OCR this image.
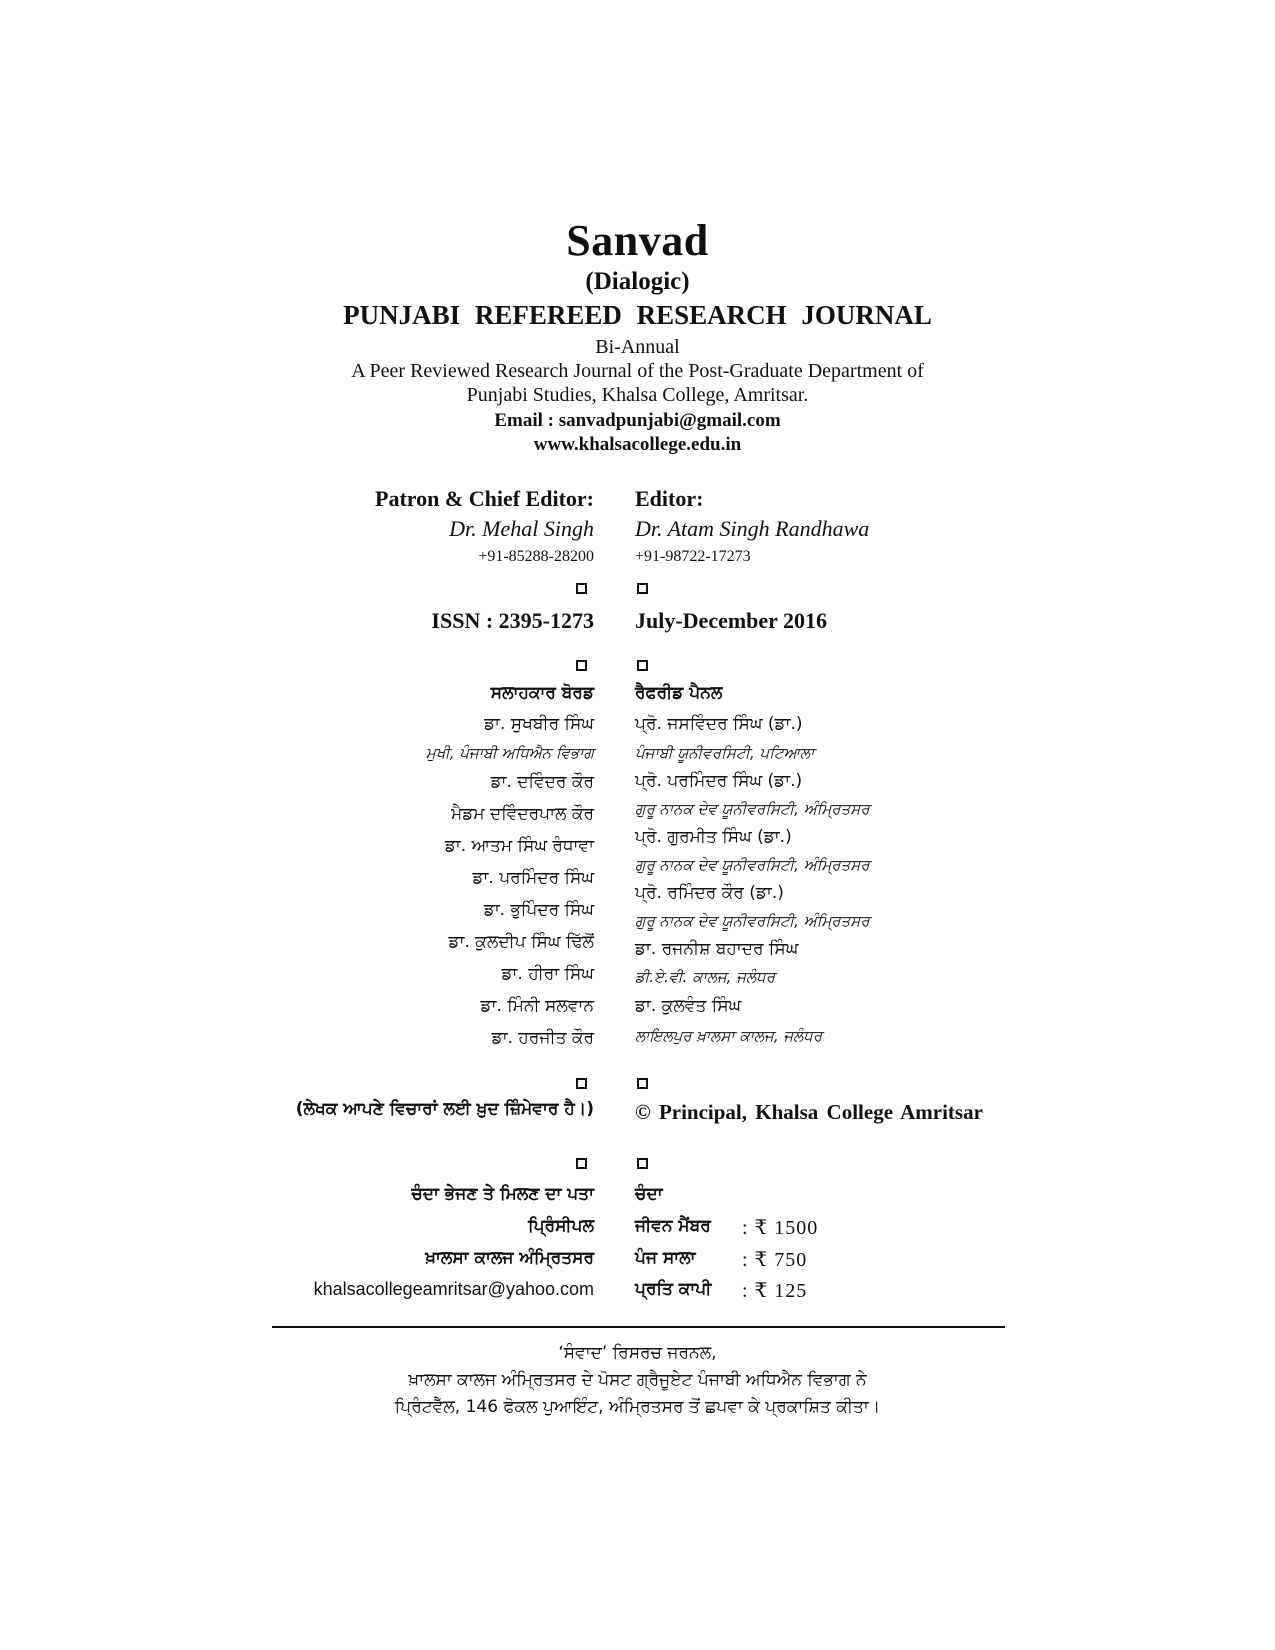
Sanvad
(Dialogic)
PUNJABI REFEREED RESEARCH JOURNAL
Bi-Annual
A Peer Reviewed Research Journal of the Post-Graduate Department of
Punjabi Studies, Khalsa College, Amritsar.
Email : sanvadpunjabi@gmail.com
www.khalsacollege.edu.in
Patron & Chief Editor:
Dr. Mehal Singh
+91-85288-28200
Editor:
Dr. Atam Singh Randhawa
+91-98722-17273
ISSN : 2395-1273 July-December 2016
ਸਲਾਹਕਾਰ ਬੋਰਡ
ਡਾ. ਸੁਖਬੀਰ ਸਿੰਘ
ਮੁਖੀ, ਪੰਜਾਬੀ ਅਧਿਐਨ ਵਿਭਾਗ
ਡਾ. ਦਵਿੰਦਰ ਕੌਰ
ਮੈਡਮ ਦਵਿੰਦਰਪਾਲ ਕੌਰ
ਡਾ. ਆਤਮ ਸਿੰਘ ਰੰਧਾਵਾ
ਡਾ. ਪਰਮਿੰਦਰ ਸਿੰਘ
ਡਾ. ਭੁਪਿੰਦਰ ਸਿੰਘ
ਡਾ. ਕੁਲਦੀਪ ਸਿੰਘ ਢਿੱਲੋਂ
ਡਾ. ਹੀਰਾ ਸਿੰਘ
ਡਾ. ਮਿੰਨੀ ਸਲਵਾਨ
ਡਾ. ਹਰਜੀਤ ਕੌਰ
ਰੈਫਰੀਡ ਪੈਨਲ
ਪ੍ਰੋ. ਜਸਵਿੰਦਰ ਸਿੰਘ (ਡਾ.)
ਪੰਜਾਬੀ ਯੂਨੀਵਰਸਿਟੀ, ਪਟਿਆਲਾ
ਪ੍ਰੋ. ਪਰਮਿੰਦਰ ਸਿੰਘ (ਡਾ.)
ਗੁਰੂ ਨਾਨਕ ਦੇਵ ਯੂਨੀਵਰਸਿਟੀ, ਅੰਮ੍ਰਿਤਸਰ
ਪ੍ਰੋ. ਗੁਰਮੀਤ ਸਿੰਘ (ਡਾ.)
ਗੁਰੂ ਨਾਨਕ ਦੇਵ ਯੂਨੀਵਰਸਿਟੀ, ਅੰਮ੍ਰਿਤਸਰ
ਪ੍ਰੋ. ਰਮਿੰਦਰ ਕੌਰ (ਡਾ.)
ਗੁਰੂ ਨਾਨਕ ਦੇਵ ਯੂਨੀਵਰਸਿਟੀ, ਅੰਮ੍ਰਿਤਸਰ
ਡਾ. ਰਜਨੀਸ਼ ਬਹਾਦਰ ਸਿੰਘ
ਡੀ.ਏ.ਵੀ. ਕਾਲਜ, ਜਲੰਧਰ
ਡਾ. ਕੁਲਵੰਤ ਸਿੰਘ
ਲਾਇਲਪੁਰ ਖ਼ਾਲਸਾ ਕਾਲਜ, ਜਲੰਧਰ
(ਲੇਖਕ ਆਪਣੇ ਵਿਚਾਰਾਂ ਲਈ ਖ਼ੁਦ ਜ਼ਿੰਮੇਵਾਰ ਹੈ।) © Principal, Khalsa College Amritsar
ਚੰਦਾ ਭੇਜਣ ਤੇ ਮਿਲਣ ਦਾ ਪਤਾ
ਪ੍ਰਿੰਸੀਪਲ
ਖ਼ਾਲਸਾ ਕਾਲਜ ਅੰਮ੍ਰਿਤਸਰ
khalsacollegeamritsar@yahoo.com
ਚੰਦਾ
ਜੀਵਨ ਮੈਂਬਰ : ₹ 1500
ਪੰਜ ਸਾਲਾ : ₹ 750
ਪ੍ਰਤਿ ਕਾਪੀ : ₹ 125
‘ਸੰਵਾਦ’ ਰਿਸਰਚ ਜਰਨਲ,
ਖ਼ਾਲਸਾ ਕਾਲਜ ਅੰਮ੍ਰਿਤਸਰ ਦੇ ਪੋਸਟ ਗ੍ਰੈਜੂਏਟ ਪੰਜਾਬੀ ਅਧਿਐਨ ਵਿਭਾਗ ਨੇ
ਪ੍ਰਿੰਟਵੈੱਲ, 146 ਫੋਕਲ ਪੁਆਇੰਟ, ਅੰਮ੍ਰਿਤਸਰ ਤੋਂ ਛਪਵਾ ਕੇ ਪ੍ਰਕਾਸ਼ਿਤ ਕੀਤਾ।
